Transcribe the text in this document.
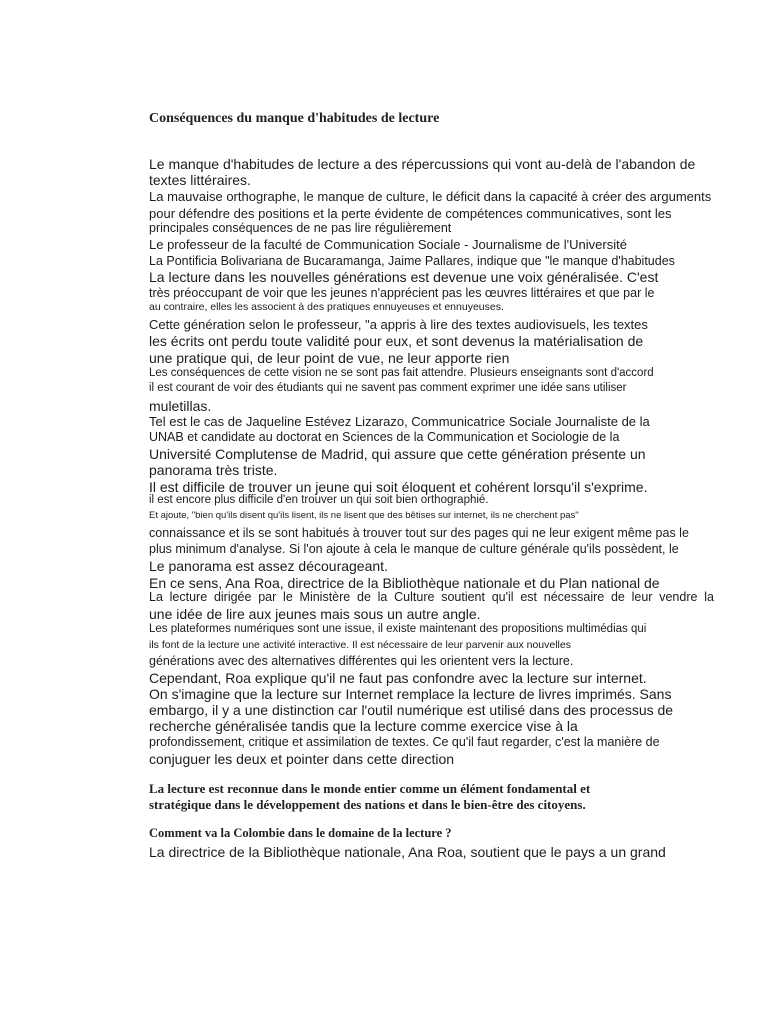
Conséquences du manque d'habitudes de lecture
Le manque d'habitudes de lecture a des répercussions qui vont au-delà de l'abandon de
textes littéraires.
La mauvaise orthographe, le manque de culture, le déficit dans la capacité à créer des arguments
pour défendre des positions et la perte évidente de compétences communicatives, sont les
principales conséquences de ne pas lire régulièrement
Le professeur de la faculté de Communication Sociale - Journalisme de l'Université
La Pontificia Bolivariana de Bucaramanga, Jaime Pallares, indique que "le manque d'habitudes
La lecture dans les nouvelles générations est devenue une voix généralisée. C'est
très préoccupant de voir que les jeunes n'apprécient pas les œuvres littéraires et que par le
au contraire, elles les associent à des pratiques ennuyeuses et ennuyeuses.
Cette génération selon le professeur, "a appris à lire des textes audiovisuels, les textes
les écrits ont perdu toute validité pour eux, et sont devenus la matérialisation de
une pratique qui, de leur point de vue, ne leur apporte rien
Les conséquences de cette vision ne se sont pas fait attendre. Plusieurs enseignants sont d'accord
il est courant de voir des étudiants qui ne savent pas comment exprimer une idée sans utiliser
muletillas.
Tel est le cas de Jaqueline Estévez Lizarazo, Communicatrice Sociale Journaliste de la
UNAB et candidate au doctorat en Sciences de la Communication et Sociologie de la
Université Complutense de Madrid, qui assure que cette génération présente un
panorama très triste.
Il est difficile de trouver un jeune qui soit éloquent et cohérent lorsqu'il s'exprime.
il est encore plus difficile d'en trouver un qui soit bien orthographié.
Et ajoute, "bien qu'ils disent qu'ils lisent, ils ne lisent que des bêtises sur internet, ils ne cherchent pas"
connaissance et ils se sont habitués à trouver tout sur des pages qui ne leur exigent même pas le
plus minimum d'analyse. Si l'on ajoute à cela le manque de culture générale qu'ils possèdent, le
Le panorama est assez décourageant.
En ce sens, Ana Roa, directrice de la Bibliothèque nationale et du Plan national de
La lecture dirigée par le Ministère de la Culture soutient qu'il est nécessaire de leur vendre la
une idée de lire aux jeunes mais sous un autre angle.
Les plateformes numériques sont une issue, il existe maintenant des propositions multimédias qui
ils font de la lecture une activité interactive. Il est nécessaire de leur parvenir aux nouvelles
générations avec des alternatives différentes qui les orientent vers la lecture.
Cependant, Roa explique qu'il ne faut pas confondre avec la lecture sur internet.
On s'imagine que la lecture sur Internet remplace la lecture de livres imprimés. Sans
embargo, il y a une distinction car l'outil numérique est utilisé dans des processus de
recherche généralisée tandis que la lecture comme exercice vise à la
profondissement, critique et assimilation de textes. Ce qu'il faut regarder, c'est la manière de
conjuguer les deux et pointer dans cette direction
La lecture est reconnue dans le monde entier comme un élément fondamental et
stratégique dans le développement des nations et dans le bien-être des citoyens.
Comment va la Colombie dans le domaine de la lecture ?
La directrice de la Bibliothèque nationale, Ana Roa, soutient que le pays a un grand
